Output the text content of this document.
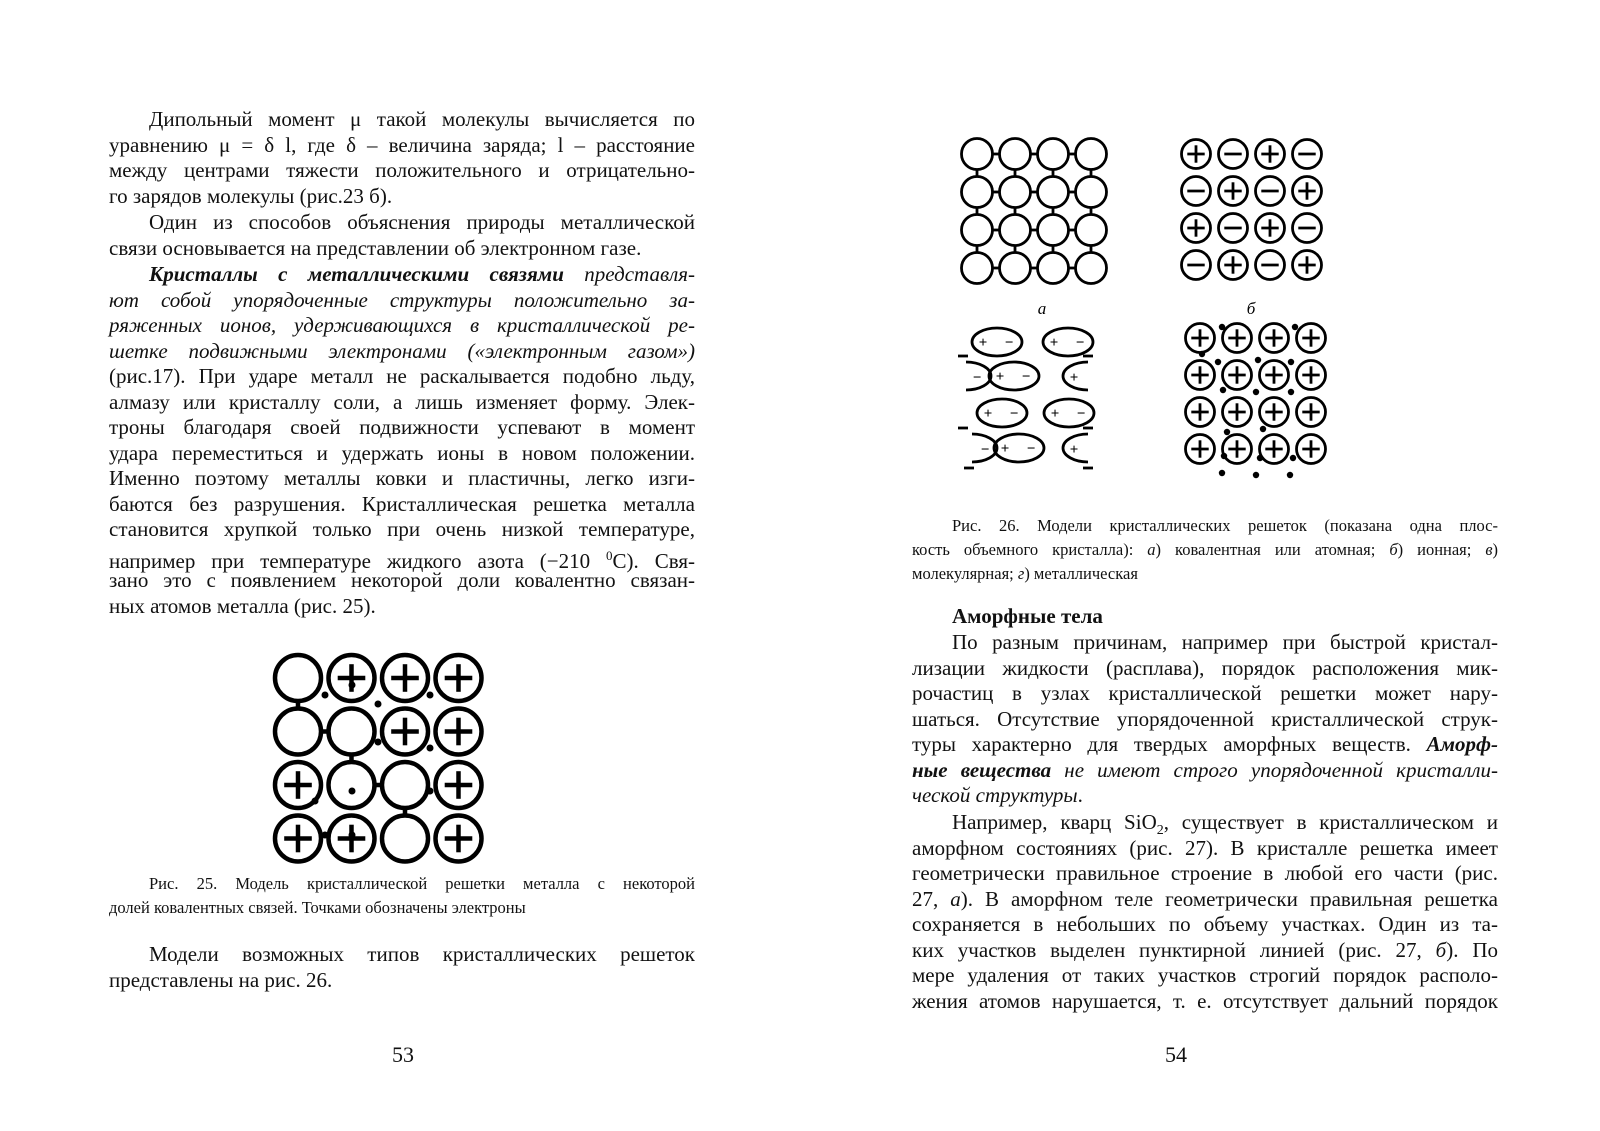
Дипольный момент μ такой молекулы вычисляется по
уравнению μ = δ l, где δ – величина заряда; l – расстояние
между центрами тяжести положительного и отрицательно-
го зарядов молекулы (рис.23 б).
Один из способов объяснения природы металлической
связи основывается на представлении об электронном газе.
Кристаллы с металлическими связями представля-
ют собой упорядоченные структуры положительно за-
ряженных ионов, удерживающихся в кристаллической ре-
шетке подвижными электронами («электронным газом»)
(рис.17). При ударе металл не раскалывается подобно льду,
алмазу или кристаллу соли, а лишь изменяет форму. Элек-
троны благодаря своей подвижности успевают в момент
удара переместиться и удержать ионы в новом положении.
Именно поэтому металлы ковки и пластичны, легко изги-
баются без разрушения. Кристаллическая решетка металла
становится хрупкой только при очень низкой температуре,
например при температуре жидкого азота (−210 $^0$С). Свя-
зано это с появлением некоторой доли ковалентно связан-
ных атомов металла (рис. 25).
Рис. 25. Модель кристаллической решетки металла с некоторой
долей ковалентных связей. Точками обозначены электроны
Модели возможных типов кристаллических решеток
представлены на рис. 26.
53
а	б
+ − + −
+ −
+ − + −
+ −
−
−
+
+
Рис. 26. Модели кристаллических решеток (показана одна плос-
кость объемного кристалла): а) ковалентная или атомная; б) ионная; в)
молекулярная; г) металлическая
Аморфные тела
По разным причинам, например при быстрой кристал-
лизации жидкости (расплава), порядок расположения мик-
рочастиц в узлах кристаллической решетки может нару-
шаться. Отсутствие упорядоченной кристаллической струк-
туры характерно для твердых аморфных веществ. Аморф-
ные вещества не имеют строго упорядоченной кристалли-
ческой структуры.
Например, кварц SiO$_2$, существует в кристаллическом и
аморфном состояниях (рис. 27). В кристалле решетка имеет
геометрически правильное строение в любой его части (рис.
27, а). В аморфном теле геометрически правильная решетка
сохраняется в небольших по объему участках. Один из та-
ких участков выделен пунктирной линией (рис. 27, б). По
мере удаления от таких участков строгий порядок располо-
жения атомов нарушается, т. е. отсутствует дальний порядок
54
